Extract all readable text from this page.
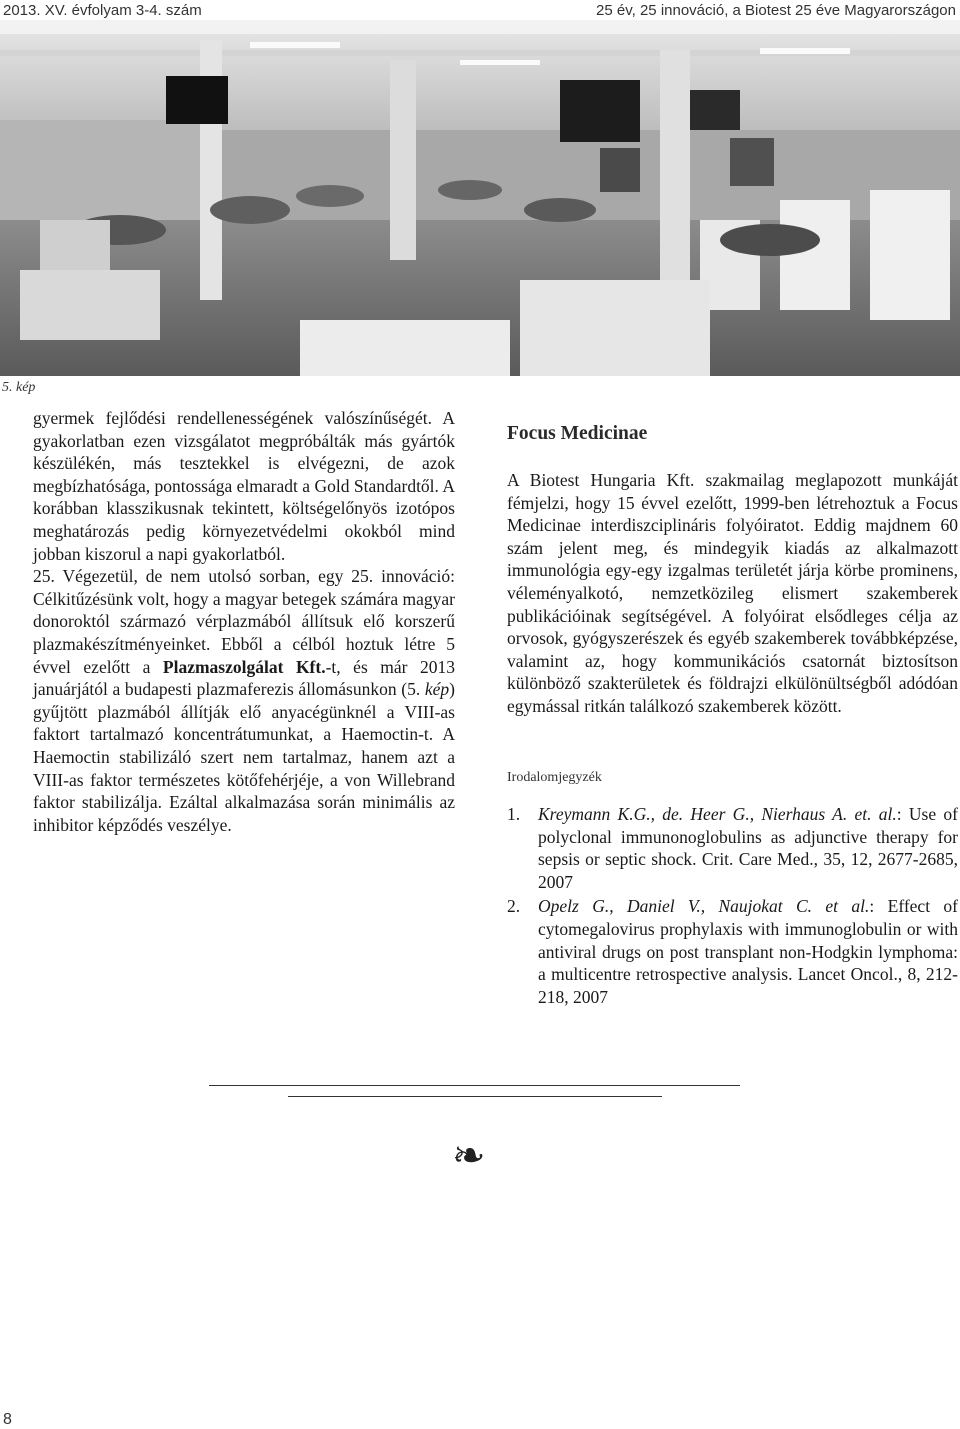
2013. XV. évfolyam 3-4. szám	25 év, 25 innováció, a Biotest 25 éve Magyarországon
5. kép

gyermek fejlődési rendellenességének valószínűségét. A gyakorlatban ezen vizsgálatot megpróbálták más gyártók készülékén, más tesztekkel is elvégezni, de azok megbízhatósága, pontossága elmaradt a Gold Standardtől. A korábban klasszikusnak tekintett, költségelőnyös izotópos meghatározás pedig környezetvédelmi okokból mind jobban kiszorul a napi gyakorlatból.

25. Végezetül, de nem utolsó sorban, egy 25. innováció: Célkitűzésünk volt, hogy a magyar betegek számára magyar donoroktól származó vérplazmából állítsuk elő korszerű plazmakészítményeinket. Ebből a célból hoztuk létre 5 évvel ezelőtt a Plazmaszolgálat Kft.-t, és már 2013 januárjától a budapesti plazmaferezis állomásunkon (5. kép) gyűjtött plazmából állítják elő anyacégünknél a VIII-as faktort tartalmazó koncentrátumunkat, a Haemoctin-t. A Haemoctin stabilizáló szert nem tartalmaz, hanem azt a VIII-as faktor természetes kötőfehérjéje, a von Willebrand faktor stabilizálja. Ezáltal alkalmazása során minimális az inhibitor képződés veszélye.

Focus Medicinae

A Biotest Hungaria Kft. szakmailag meglapozott munkáját fémjelzi, hogy 15 évvel ezelőtt, 1999-ben létrehoztuk a Focus Medicinae interdiszciplináris folyóiratot. Eddig majdnem 60 szám jelent meg, és mindegyik kiadás az alkalmazott immunológia egy-egy izgalmas területét járja körbe prominens, véleményalkotó, nemzetközileg elismert szakemberek publikációinak segítségével. A folyóirat elsődleges célja az orvosok, gyógyszerészek és egyéb szakemberek továbbképzése, valamint az, hogy kommunikációs csatornát biztosítson különböző szakterületek és földrajzi elkülönültségből adódóan egymással ritkán találkozó szakemberek között.

Irodalomjegyzék

1. Kreymann K.G., de. Heer G., Nierhaus A. et. al.: Use of polyclonal immunonoglobulins as adjunctive therapy for sepsis or septic shock. Crit. Care Med., 35, 12, 2677-2685, 2007
2. Opelz G., Daniel V., Naujokat C. et al.: Effect of cytomegalovirus prophylaxis with immunoglobulin or with antiviral drugs on post transplant non-Hodgkin lymphoma: a multicentre retrospective analysis. Lancet Oncol., 8, 212-218, 2007
❧
8
